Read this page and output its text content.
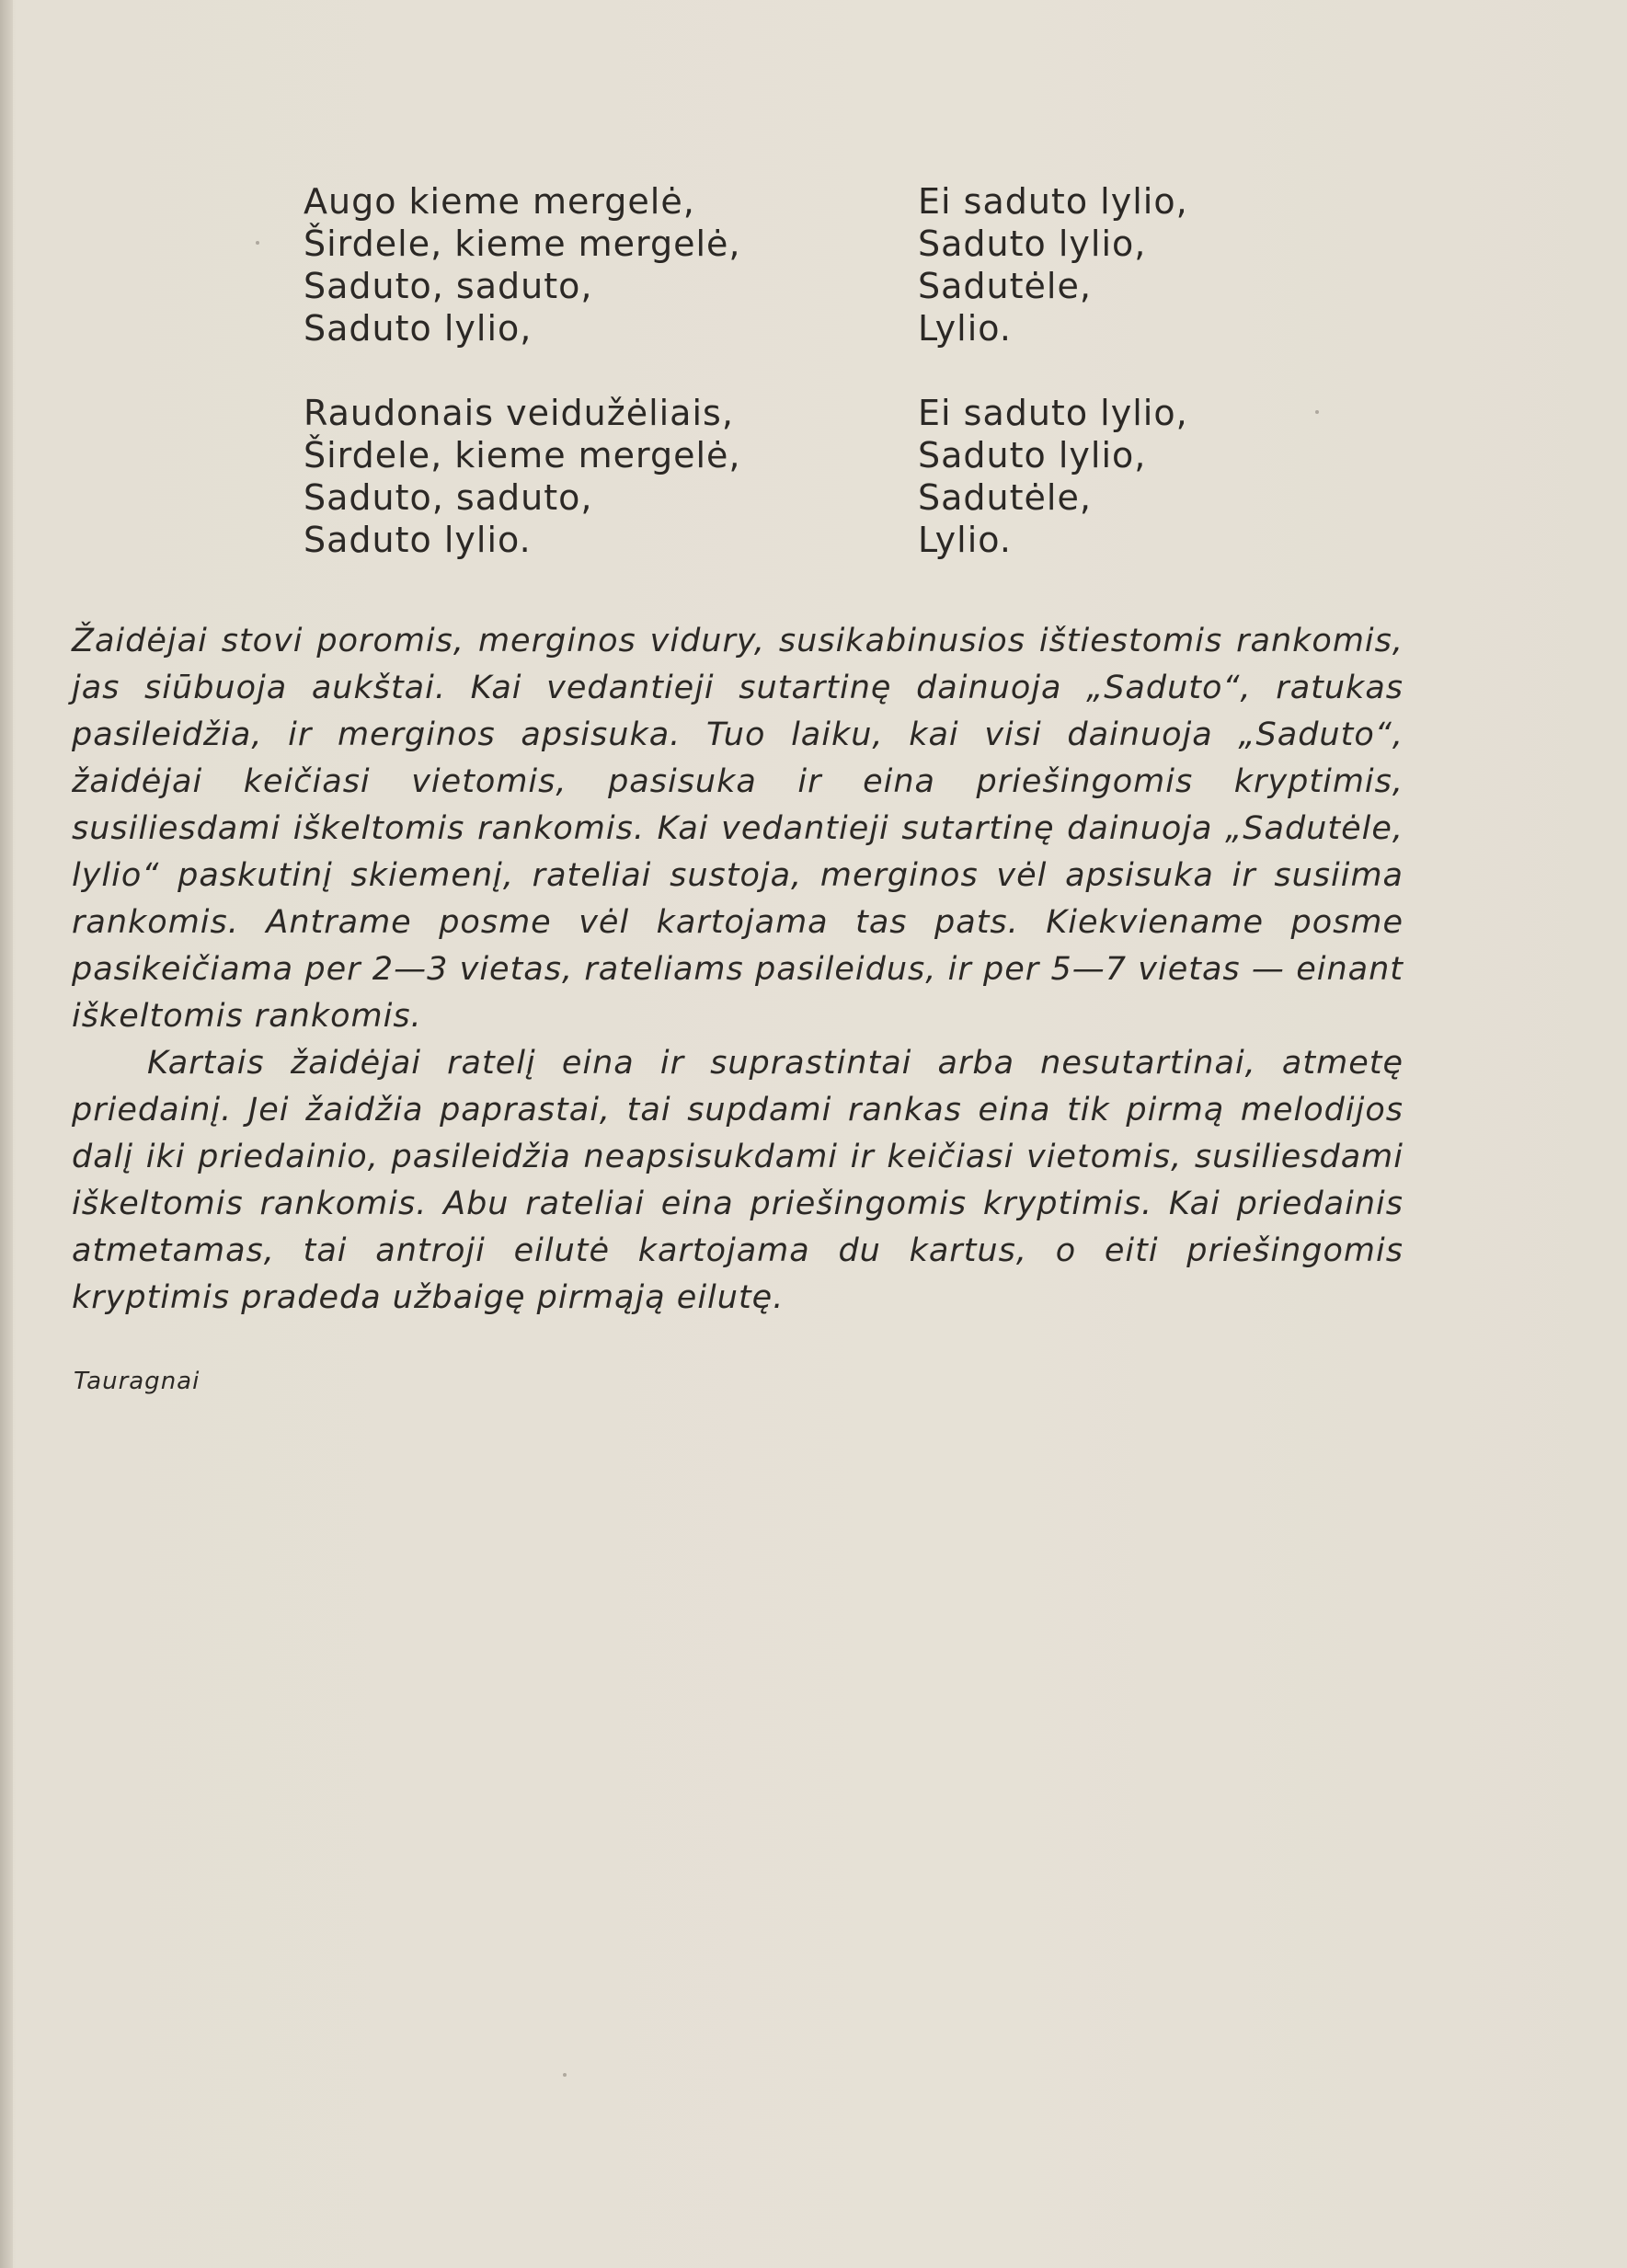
Augo kieme mergelė,
Širdele, kieme mergelė,
Saduto, saduto,
Saduto lylio,
Raudonais veidužėliais,
Širdele, kieme mergelė,
Saduto, saduto,
Saduto lylio.
Ei saduto lylio,
Saduto lylio,
Sadutėle,
Lylio.
Ei saduto lylio,
Saduto lylio,
Sadutėle,
Lylio.

Žaidėjai stovi poromis, merginos vidury, susikabinusios ištiestomis rankomis, jas siūbuoja aukštai. Kai vedantieji sutartinę dainuoja „Saduto“, ratukas pasileidžia, ir merginos apsisuka. Tuo laiku, kai visi dainuoja „Saduto“, žaidėjai keičiasi vietomis, pasisuka ir eina priešingomis kryptimis, susiliesdami iškeltomis rankomis. Kai vedantieji sutartinę dainuoja „Sadutėle, lylio“ paskutinį skiemenį, rateliai sustoja, merginos vėl apsisuka ir susiima rankomis. Antrame posme vėl kartojama tas pats. Kiekviename posme pasikeičiama per 2—3 vietas, rateliams pasileidus, ir per 5—7 vietas — einant iškeltomis rankomis.

Kartais žaidėjai ratelį eina ir suprastintai arba nesutartinai, atmetę priedainį. Jei žaidžia paprastai, tai supdami rankas eina tik pirmą melodijos dalį iki priedainio, pasileidžia neapsisukdami ir keičiasi vietomis, susiliesdami iškeltomis rankomis. Abu rateliai eina priešingomis kryptimis. Kai priedainis atmetamas, tai antroji eilutė kartojama du kartus, o eiti priešingomis kryptimis pradeda užbaigę pirmąją eilutę.

Tauragnai
